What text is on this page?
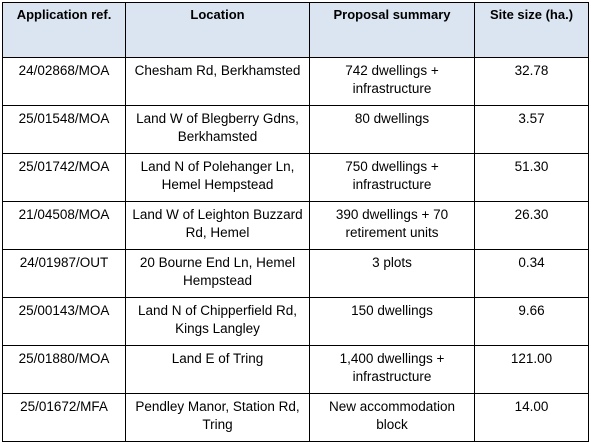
Application ref.	Location	Proposal summary	Site size (ha.)
24/02868/MOA	Chesham Rd, Berkhamsted	742 dwellings + infrastructure	32.78
25/01548/MOA	Land W of Blegberry Gdns, Berkhamsted	80 dwellings	3.57
25/01742/MOA	Land N of Polehanger Ln, Hemel Hempstead	750 dwellings + infrastructure	51.30
21/04508/MOA	Land W of Leighton Buzzard Rd, Hemel	390 dwellings + 70 retirement units	26.30
24/01987/OUT	20 Bourne End Ln, Hemel Hempstead	3 plots	0.34
25/00143/MOA	Land N of Chipperfield Rd, Kings Langley	150 dwellings	9.66
25/01880/MOA	Land E of Tring	1,400 dwellings + infrastructure	121.00
25/01672/MFA	Pendley Manor, Station Rd, Tring	New accommodation block	14.00
